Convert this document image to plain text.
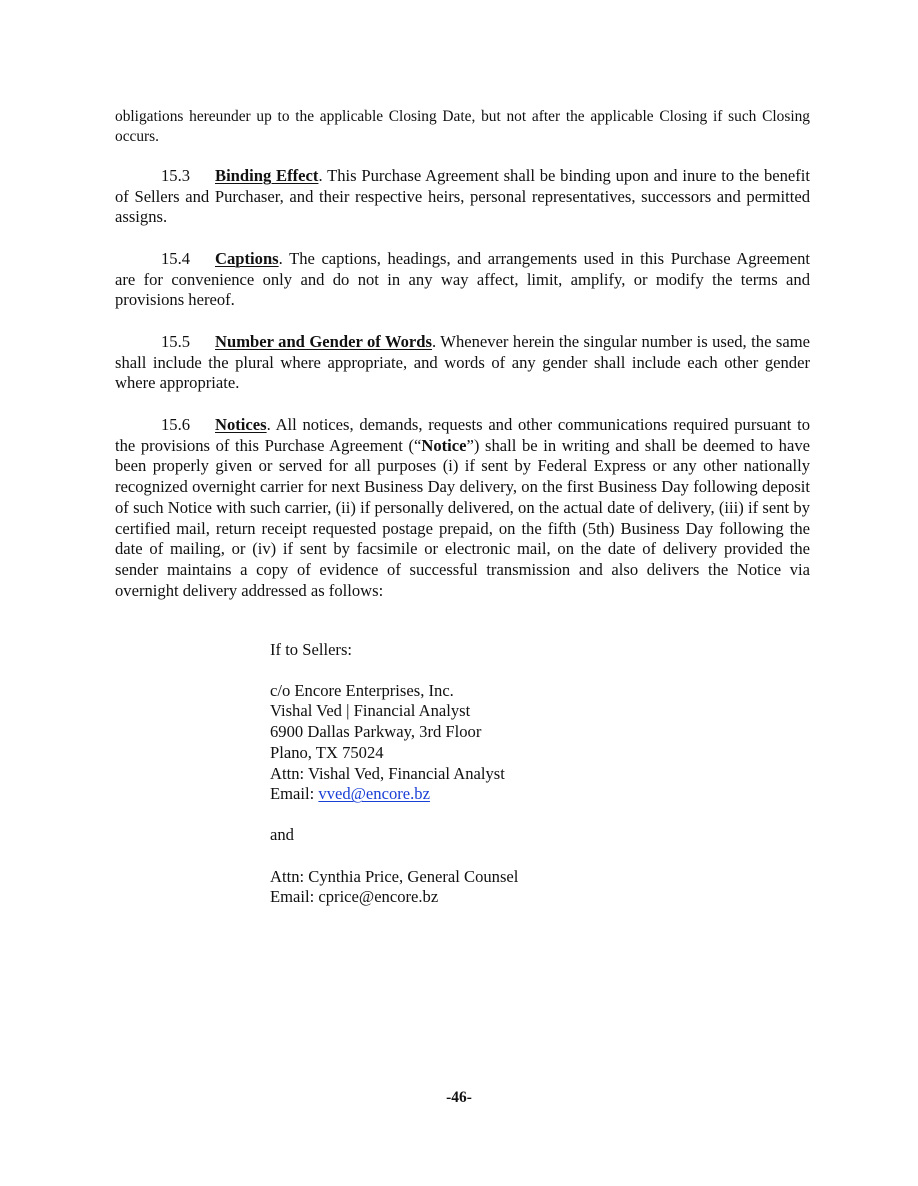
obligations hereunder up to the applicable Closing Date, but not after the applicable Closing if such Closing occurs.

15.3 Binding Effect. This Purchase Agreement shall be binding upon and inure to the benefit of Sellers and Purchaser, and their respective heirs, personal representatives, successors and permitted assigns.

15.4 Captions. The captions, headings, and arrangements used in this Purchase Agreement are for convenience only and do not in any way affect, limit, amplify, or modify the terms and provisions hereof.

15.5 Number and Gender of Words. Whenever herein the singular number is used, the same shall include the plural where appropriate, and words of any gender shall include each other gender where appropriate.

15.6 Notices. All notices, demands, requests and other communications required pursuant to the provisions of this Purchase Agreement (“Notice”) shall be in writing and shall be deemed to have been properly given or served for all purposes (i) if sent by Federal Express or any other nationally recognized overnight carrier for next Business Day delivery, on the first Business Day following deposit of such Notice with such carrier, (ii) if personally delivered, on the actual date of delivery, (iii) if sent by certified mail, return receipt requested postage prepaid, on the fifth (5th) Business Day following the date of mailing, or (iv) if sent by facsimile or electronic mail, on the date of delivery provided the sender maintains a copy of evidence of successful transmission and also delivers the Notice via overnight delivery addressed as follows:

If to Sellers:
c/o Encore Enterprises, Inc.
Vishal Ved | Financial Analyst
6900 Dallas Parkway, 3rd Floor
Plano, TX 75024
Attn: Vishal Ved, Financial Analyst
Email: vved@encore.bz
and
Attn: Cynthia Price, General Counsel
Email: cprice@encore.bz
-46-
